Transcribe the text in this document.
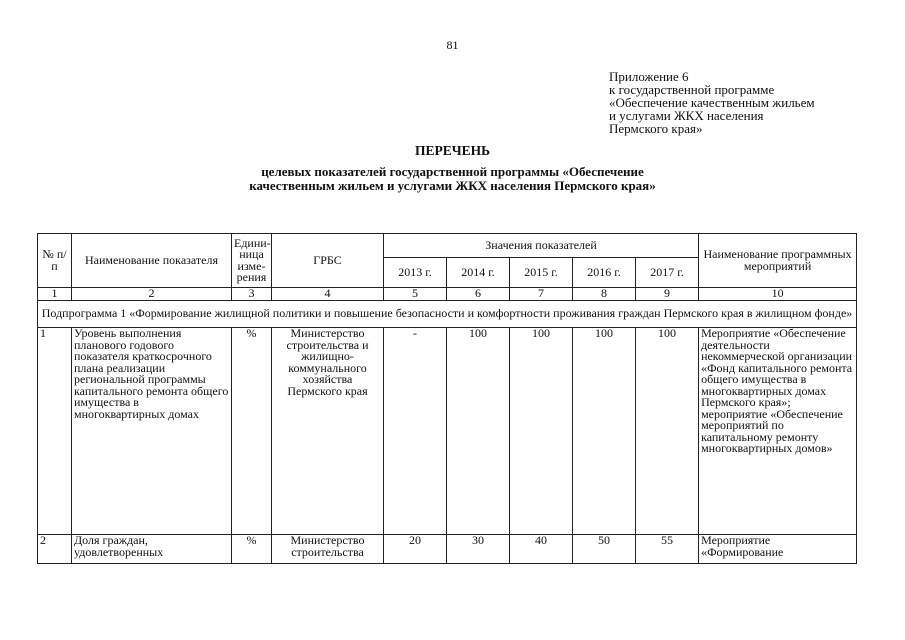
81
Приложение 6
к государственной программе
«Обеспечение качественным жильем
и услугами ЖКХ населения
Пермского края»
ПЕРЕЧЕНЬ
целевых показателей государственной программы «Обеспечение
качественным жильем и услугами ЖКХ населения Пермского края»
№ п/п	Наименование показателя	Едини-ница изме-рения	ГРБС	Значения показателей					Наименование программных мероприятий
				2013 г.	2014 г.	2015 г.	2016 г.	2017 г.	
1	2	3	4	5	6	7	8	9	10
Подпрограмма 1 «Формирование жилищной политики и повышение безопасности и комфортности проживания граждан Пермского края в жилищном фонде»									
1	Уровень выполнения планового годового показателя краткосрочного плана реализации региональной программы капитального ремонта общего имущества в многоквартирных домах	%	Министерство строительства и жилищно-коммунального хозяйства Пермского края	-	100	100	100	100	Мероприятие «Обеспечение деятельности некоммерческой организации «Фонд капитального ремонта общего имущества в многоквартирных домах Пермского края»; мероприятие «Обеспечение мероприятий по капитальному ремонту многоквартирных домов»
2	Доля граждан, удовлетворенных	%	Министерство строительства	20	30	40	50	55	Мероприятие «Формирование
